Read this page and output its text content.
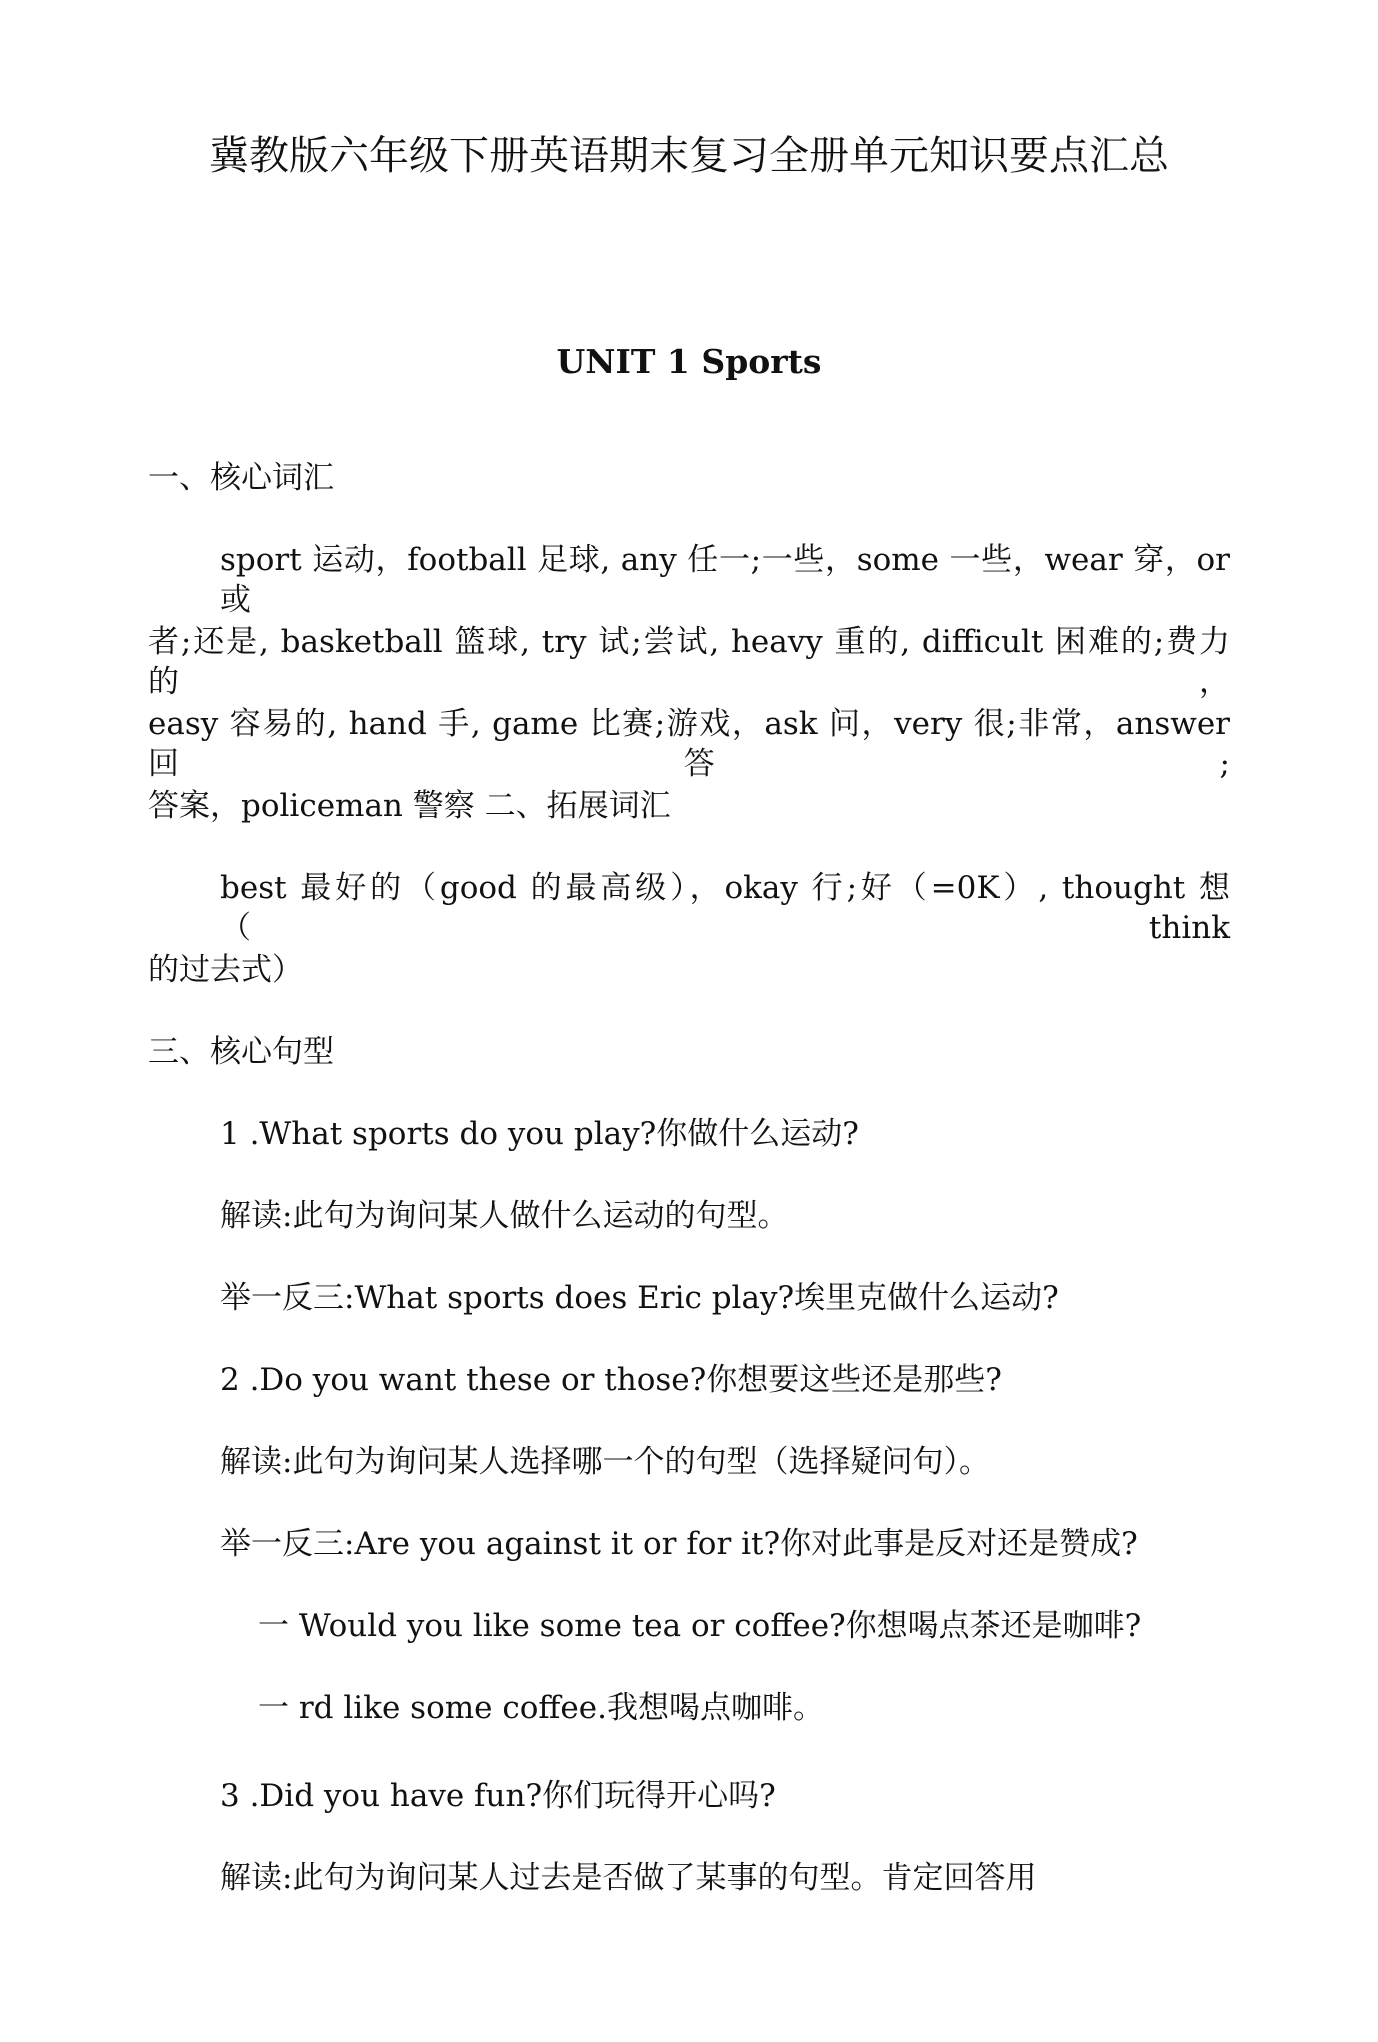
冀教版六年级下册英语期末复习全册单元知识要点汇总
UNIT 1 Sports
一、核心词汇
sport 运动，football 足球, any 任一;一些，some 一些，wear 穿，or 或
者;还是, basketball 篮球, try 试;尝试, heavy 重的, difficult 困难的;费力 的，
easy 容易的, hand 手, game 比赛;游戏，ask 问，very 很;非常，answer 回答;
答案，policeman 警察 二、拓展词汇
best 最好的（good 的最高级），okay 行;好（=0K）, thought 想（think
的过去式）
三、核心句型
1 .What sports do you play?你做什么运动?
解读:此句为询问某人做什么运动的句型。
举一反三:What sports does Eric play?埃里克做什么运动?
2 .Do you want these or those?你想要这些还是那些?
解读:此句为询问某人选择哪一个的句型（选择疑问句）。
举一反三:Are you against it or for it?你对此事是反对还是赞成?
一 Would you like some tea or coffee?你想喝点茶还是咖啡?
一 rd like some coffee.我想喝点咖啡。
3 .Did you have fun?你们玩得开心吗?
解读:此句为询问某人过去是否做了某事的句型。肯定回答用
